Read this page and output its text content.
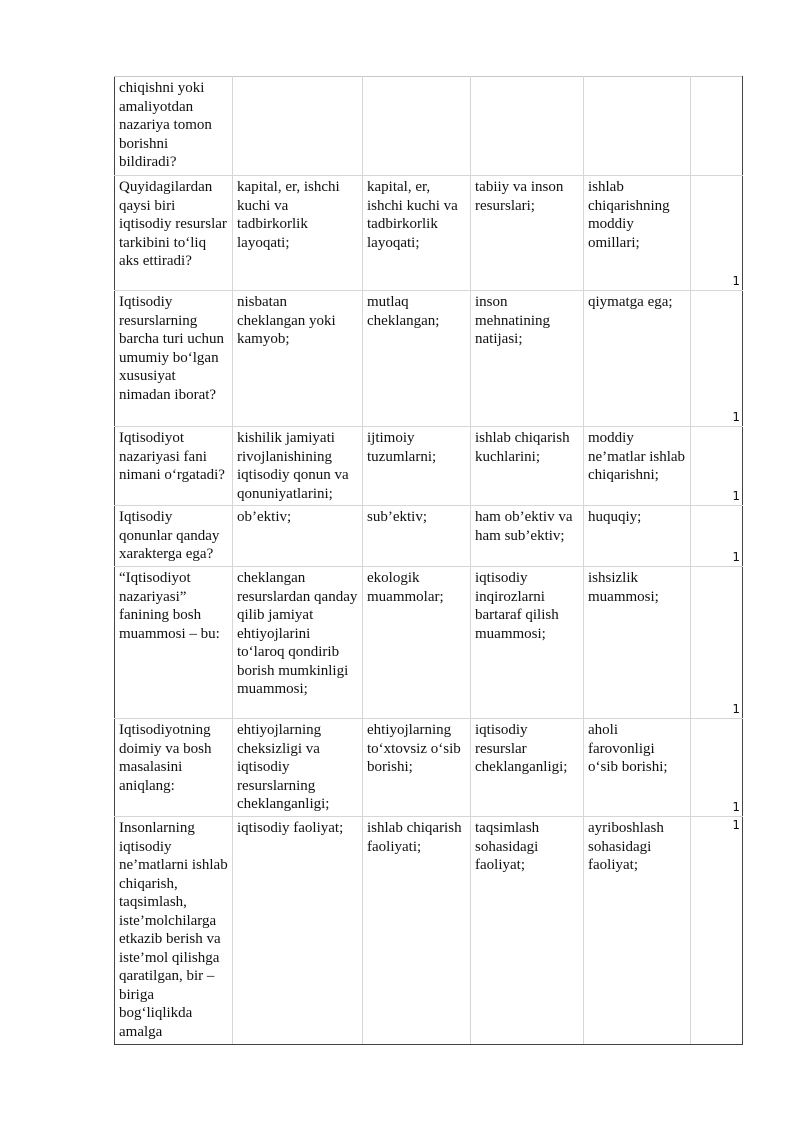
chiqishni yoki amaliyotdan nazariya tomon borishni bildiradi?					
Quyidagilardan qaysi biri iqtisodiy resurslar tarkibini to‘liq aks ettiradi?	kapital, er, ishchi kuchi va tadbirkorlik layoqati;	kapital, er, ishchi kuchi va tadbirkorlik layoqati;	tabiiy va inson resurslari;	ishlab chiqarishning moddiy omillari;	1
Iqtisodiy resurslarning barcha turi uchun umumiy bo‘lgan xususiyat nimadan iborat?	nisbatan cheklangan yoki kamyob;	mutlaq cheklangan;	inson mehnatining natijasi;	qiymatga ega;	1
Iqtisodiyot nazariyasi fani nimani o‘rgatadi?	kishilik jamiyati rivojlanishining iqtisodiy qonun va qonuniyatlarini;	ijtimoiy tuzumlarni;	ishlab chiqarish kuchlarini;	moddiy ne’matlar ishlab chiqarishni;	1
Iqtisodiy qonunlar qanday xarakterga ega?	ob’ektiv;	sub’ektiv;	ham ob’ektiv va ham sub’ektiv;	huquqiy;	1
“Iqtisodiyot nazariyasi” fanining bosh muammosi – bu:	cheklangan resurslardan qanday qilib jamiyat ehtiyojlarini to‘laroq qondirib borish mumkinligi muammosi;	ekologik muammolar;	iqtisodiy inqirozlarni bartaraf qilish muammosi;	ishsizlik muammosi;	1
Iqtisodiyotning doimiy va bosh masalasini aniqlang:	ehtiyojlarning cheksizligi va iqtisodiy resurslarning cheklanganligi;	ehtiyojlarning to‘xtovsiz o‘sib borishi;	iqtisodiy resurslar cheklanganligi;	aholi farovonligi o‘sib borishi;	1
Insonlarning iqtisodiy ne’matlarni ishlab chiqarish, taqsimlash, iste’molchilarga etkazib berish va iste’mol qilishga qaratilgan, bir – biriga bog‘liqlikda amalga	iqtisodiy faoliyat;	ishlab chiqarish faoliyati;	taqsimlash sohasidagi faoliyat;	ayriboshlash sohasidagi faoliyat;	1
